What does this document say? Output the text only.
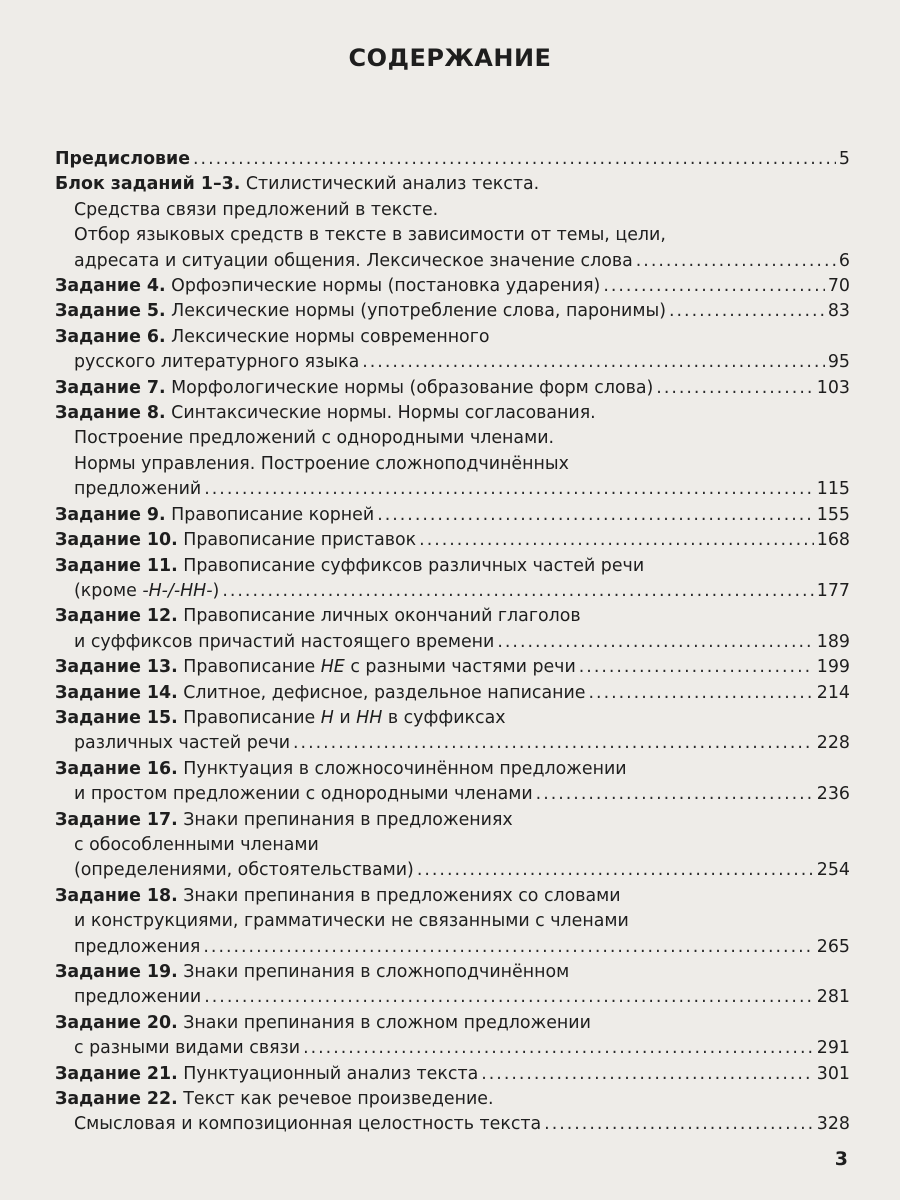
СОДЕРЖАНИЕ
Предисловие .....	5
Блок заданий 1–3. Стилистический анализ текста.
Средства связи предложений в тексте.
Отбор языковых средств в тексте в зависимости от темы, цели,
адресата и ситуации общения. Лексическое значение слова .....	6
Задание 4. Орфоэпические нормы (постановка ударения) .....	70
Задание 5. Лексические нормы (употребление слова, паронимы) .....	83
Задание 6. Лексические нормы современного
русского литературного языка .....	95
Задание 7. Морфологические нормы (образование форм слова) .....	103
Задание 8. Синтаксические нормы. Нормы согласования.
Построение предложений с однородными членами.
Нормы управления. Построение сложноподчинённых
предложений .....	115
Задание 9. Правописание корней .....	155
Задание 10. Правописание приставок .....	168
Задание 11. Правописание суффиксов различных частей речи
(кроме -Н-/-НН-) .....	177
Задание 12. Правописание личных окончаний глаголов
и суффиксов причастий настоящего времени .....	189
Задание 13. Правописание НЕ с разными частями речи .....	199
Задание 14. Слитное, дефисное, раздельное написание .....	214
Задание 15. Правописание Н и НН в суффиксах
различных частей речи .....	228
Задание 16. Пунктуация в сложносочинённом предложении
и простом предложении с однородными членами .....	236
Задание 17. Знаки препинания в предложениях
с обособленными членами
(определениями, обстоятельствами) .....	254
Задание 18. Знаки препинания в предложениях со словами
и конструкциями, грамматически не связанными с членами
предложения .....	265
Задание 19. Знаки препинания в сложноподчинённом
предложении .....	281
Задание 20. Знаки препинания в сложном предложении
с разными видами связи .....	291
Задание 21. Пунктуационный анализ текста .....	301
Задание 22. Текст как речевое произведение.
Смысловая и композиционная целостность текста .....	328
3
